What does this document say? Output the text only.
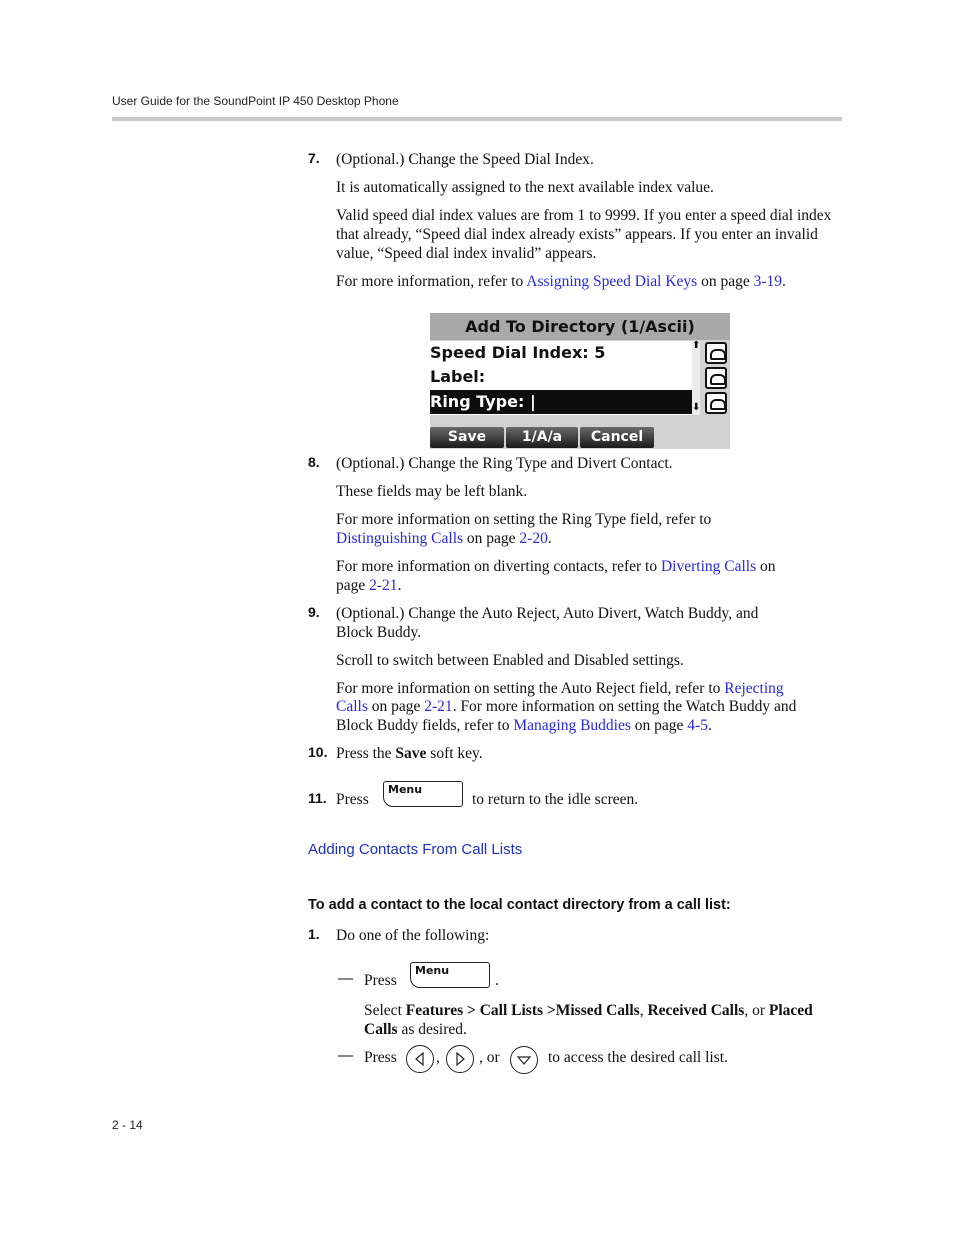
User Guide for the SoundPoint IP 450 Desktop Phone
7. (Optional.) Change the Speed Dial Index.
It is automatically assigned to the next available index value.
Valid speed dial index values are from 1 to 9999. If you enter a speed dial index that already, “Speed dial index already exists” appears. If you enter an invalid value, “Speed dial index invalid” appears.
For more information, refer to Assigning Speed Dial Keys on page 3-19.
Add To Directory (1/Ascii)
Speed Dial Index: 5
Label:
Ring Type: |
⬆
⬇
Save	1/A/a	Cancel
8. (Optional.) Change the Ring Type and Divert Contact.
These fields may be left blank.
For more information on setting the Ring Type field, refer to
Distinguishing Calls on page 2-20.
For more information on diverting contacts, refer to Diverting Calls on
page 2-21.
9. (Optional.) Change the Auto Reject, Auto Divert, Watch Buddy, and
Block Buddy.
Scroll to switch between Enabled and Disabled settings.
For more information on setting the Auto Reject field, refer to Rejecting
Calls on page 2-21. For more information on setting the Watch Buddy and
Block Buddy fields, refer to Managing Buddies on page 4-5.
10. Press the Save soft key.
11. Press
Menu
to return to the idle screen.
Adding Contacts From Call Lists
To add a contact to the local contact directory from a call list:
1. Do one of the following:
— Press
Menu
.
Select Features > Call Lists >Missed Calls, Received Calls, or Placed
Calls as desired.
— Press	,	, or	to access the desired call list.
2 - 14
